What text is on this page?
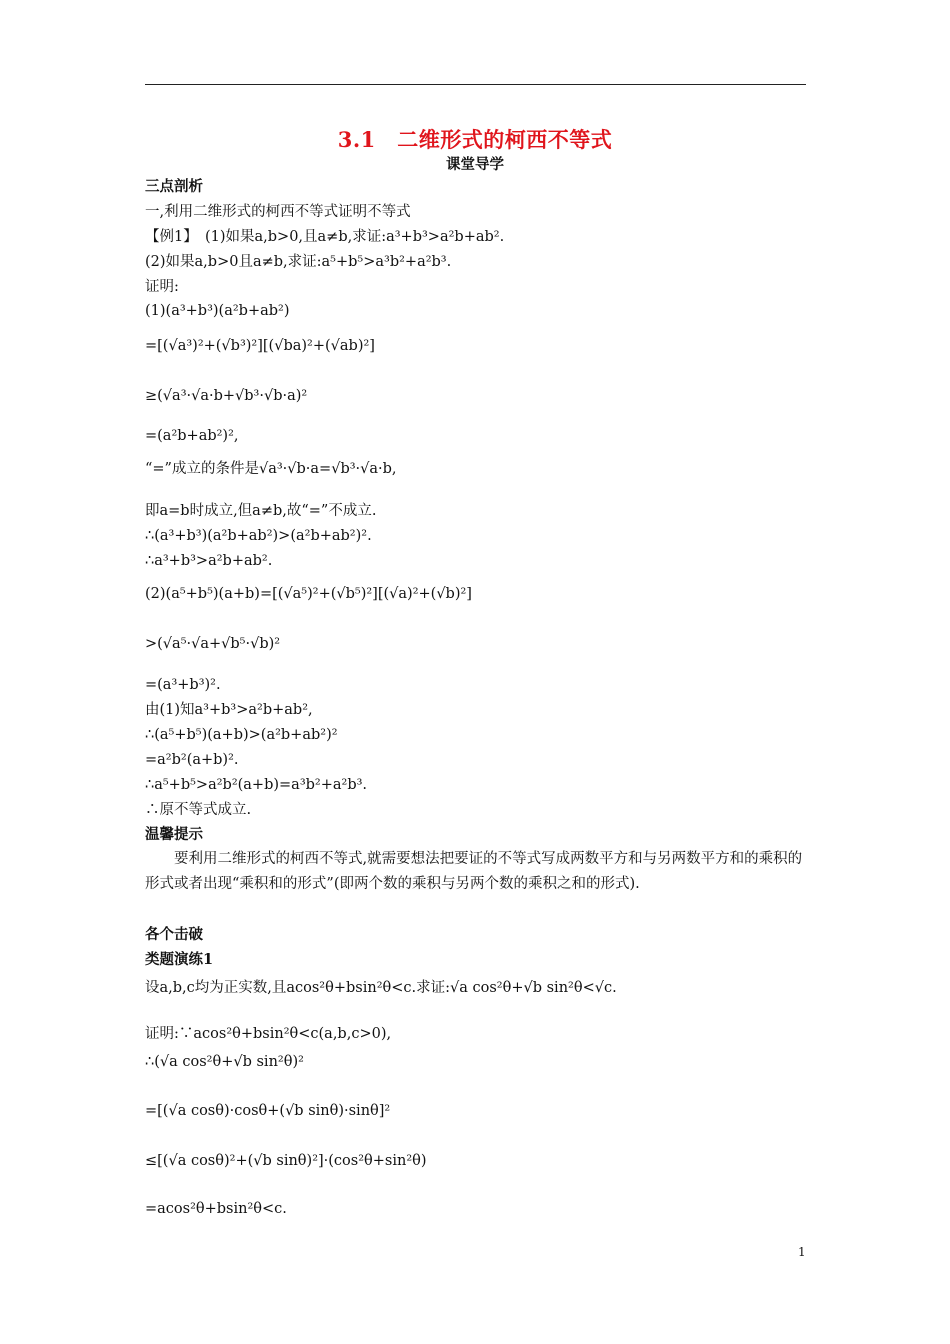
3.1　二维形式的柯西不等式
课堂导学
三点剖析
一,利用二维形式的柯西不等式证明不等式
【例1】　(1)如果a,b>0,且a≠b,求证:a³+b³>a²b+ab².
(2)如果a,b>0且a≠b,求证:a⁵+b⁵>a³b²+a²b³.
证明:
(1)(a³+b³)(a²b+ab²)
=[(√a³)²+(√b³)²][(√ba)²+(√ab)²]
≥(√a³·√a·b+√b³·√b·a)²
=(a²b+ab²)²,
“=”成立的条件是√a³·√b·a=√b³·√a·b,
即a=b时成立,但a≠b,故“=”不成立.
∴(a³+b³)(a²b+ab²)>(a²b+ab²)².
∴a³+b³>a²b+ab².
(2)(a⁵+b⁵)(a+b)=[(√a⁵)²+(√b⁵)²][(√a)²+(√b)²]
>(√a⁵·√a+√b⁵·√b)²
=(a³+b³)².
由(1)知a³+b³>a²b+ab²,
∴(a⁵+b⁵)(a+b)>(a²b+ab²)²
=a²b²(a+b)².
∴a⁵+b⁵>a²b²(a+b)=a³b²+a²b³.
∴原不等式成立.
温馨提示
要利用二维形式的柯西不等式,就需要想法把要证的不等式写成两数平方和与另两数平方和的乘积的形式或者出现“乘积和的形式”(即两个数的乘积与另两个数的乘积之和的形式).
各个击破
类题演练1
设a,b,c均为正实数,且acos²θ+bsin²θ<c.求证:√a cos²θ+√b sin²θ<√c.
证明:∵acos²θ+bsin²θ<c(a,b,c>0),
∴(√a cos²θ+√b sin²θ)²
=[(√a cosθ)·cosθ+(√b sinθ)·sinθ]²
≤[(√a cosθ)²+(√b sinθ)²]·(cos²θ+sin²θ)
=acos²θ+bsin²θ<c.
1
